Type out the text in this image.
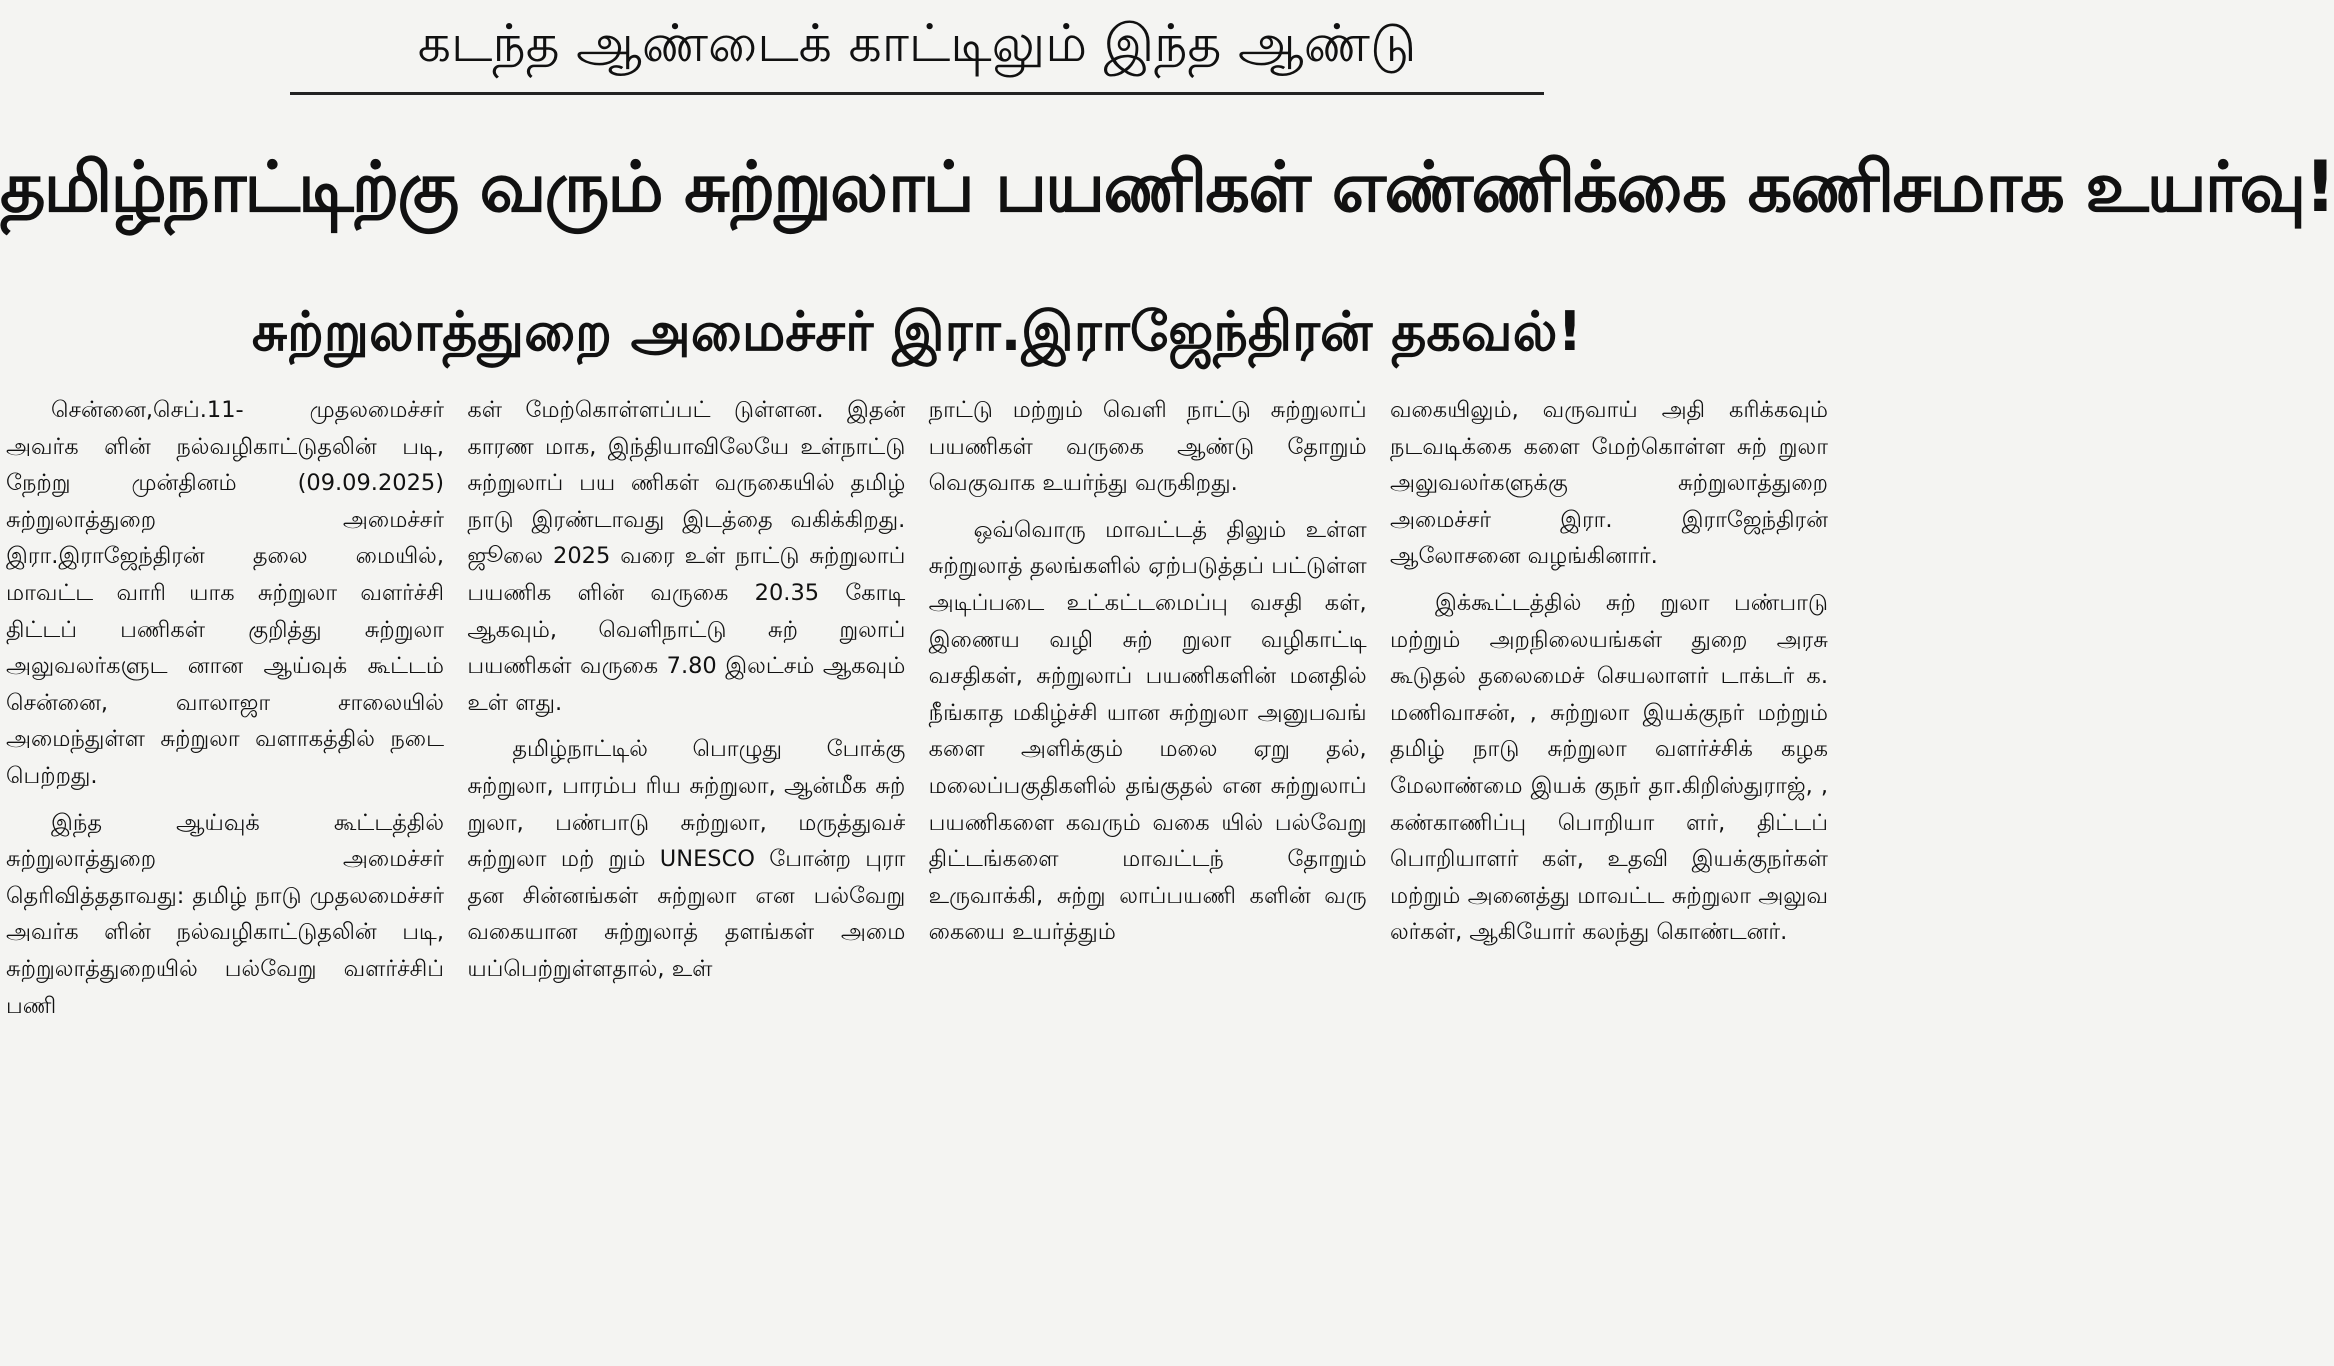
கடந்த ஆண்டைக் காட்டிலும் இந்த ஆண்டு
தமிழ்நாட்டிற்கு வரும் சுற்றுலாப் பயணிகள் எண்ணிக்கை கணிசமாக உயர்வு!
சுற்றுலாத்துறை அமைச்சர் இரா.இராஜேந்திரன் தகவல்!

சென்னை,செப்.11- முதலமைச்சர் அவர்க ளின் நல்வழிகாட்டுதலின் படி, நேற்று முன்தினம் (09.09.2025) சுற்றுலாத்துறை அமைச்சர் இரா.இராஜேந்திரன் தலை மையில், மாவட்ட வாரி யாக சுற்றுலா வளர்ச்சி திட்டப் பணிகள் குறித்து சுற்றுலா அலுவலர்களுட னான ஆய்வுக் கூட்டம் சென்னை, வாலாஜா சாலையில் அமைந்துள்ள சுற்றுலா வளாகத்தில் நடை பெற்றது.

இந்த ஆய்வுக் கூட்டத்தில் சுற்றுலாத்துறை அமைச்சர் தெரிவித்ததாவது: தமிழ் நாடு முதலமைச்சர் அவர்க ளின் நல்வழிகாட்டுதலின் படி, சுற்றுலாத்துறையில் பல்வேறு வளர்ச்சிப் பணி

கள் மேற்கொள்ளப்பட் டுள்ளன. இதன் காரண மாக, இந்தியாவிலேயே உள்நாட்டு சுற்றுலாப் பய ணிகள் வருகையில் தமிழ் நாடு இரண்டாவது இடத்தை வகிக்கிறது. ஜூலை 2025 வரை உள் நாட்டு சுற்றுலாப் பயணிக ளின் வருகை 20.35 கோடி ஆகவும், வெளிநாட்டு சுற் றுலாப் பயணிகள் வருகை 7.80 இலட்சம் ஆகவும் உள் ளது.

தமிழ்நாட்டில் பொழுது போக்கு சுற்றுலா, பாரம்ப ரிய சுற்றுலா, ஆன்மீக சுற் றுலா, பண்பாடு சுற்றுலா, மருத்துவச் சுற்றுலா மற் றும் UNESCO போன்ற புரா தன சின்னங்கள் சுற்றுலா என பல்வேறு வகையான சுற்றுலாத் தளங்கள் அமை யப்பெற்றுள்ளதால், உள்

நாட்டு மற்றும் வெளி நாட்டு சுற்றுலாப் பயணிகள் வருகை ஆண்டு தோறும் வெகுவாக உயர்ந்து வருகிறது.

ஒவ்வொரு மாவட்டத் திலும் உள்ள சுற்றுலாத் தலங்களில் ஏற்படுத்தப் பட்டுள்ள அடிப்படை உட்கட்டமைப்பு வசதி கள், இணைய வழி சுற் றுலா வழிகாட்டி வசதிகள், சுற்றுலாப் பயணிகளின் மனதில் நீங்காத மகிழ்ச்சி யான சுற்றுலா அனுபவங் களை அளிக்கும் மலை ஏறு தல், மலைப்பகுதிகளில் தங்குதல் என சுற்றுலாப் பயணிகளை கவரும் வகை யில் பல்வேறு திட்டங்களை மாவட்டந் தோறும் உருவாக்கி, சுற்று லாப்பயணி களின் வரு கையை உயர்த்தும்

வகையிலும், வருவாய் அதி கரிக்கவும் நடவடிக்கை களை மேற்கொள்ள சுற் றுலா அலுவலர்களுக்கு சுற்றுலாத்துறை அமைச்சர் இரா. இராஜேந்திரன் ஆலோசனை வழங்கினார்.

இக்கூட்டத்தில் சுற் றுலா பண்பாடு மற்றும் அறநிலையங்கள் துறை அரசு கூடுதல் தலைமைச் செயலாளர் டாக்டர் க. மணிவாசன், , சுற்றுலா இயக்குநர் மற்றும் தமிழ் நாடு சுற்றுலா வளர்ச்சிக் கழக மேலாண்மை இயக் குநர் தா.கிறிஸ்துராஜ், , கண்காணிப்பு பொறியா ளர், திட்டப் பொறியாளர் கள், உதவி இயக்குநர்கள் மற்றும் அனைத்து மாவட்ட சுற்றுலா அலுவ லர்கள், ஆகியோர் கலந்து கொண்டனர்.
